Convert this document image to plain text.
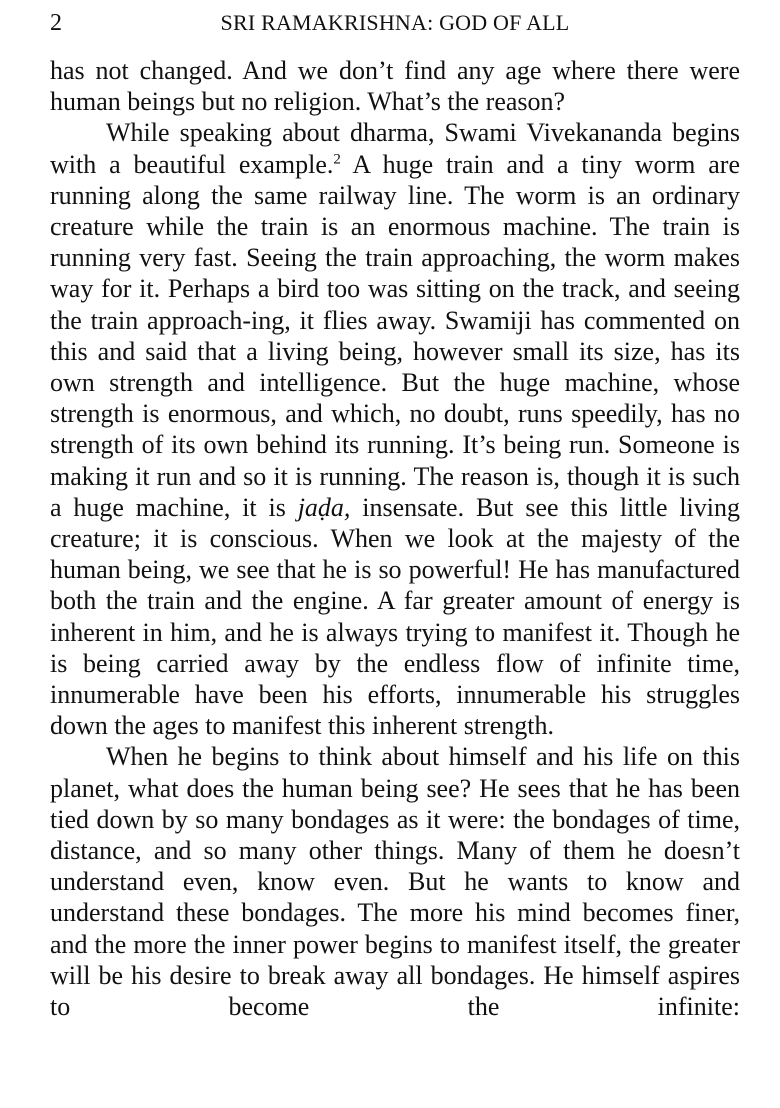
2	SRI RAMAKRISHNA: GOD OF ALL

has not changed. And we don’t find any age where there were human beings but no religion. What’s the reason?

While speaking about dharma, Swami Vivekananda begins with a beautiful example.$^2$ A huge train and a tiny worm are running along the same railway line. The worm is an ordinary creature while the train is an enormous machine. The train is running very fast. Seeing the train approaching, the worm makes way for it. Perhaps a bird too was sitting on the track, and seeing the train approach-ing, it flies away. Swamiji has commented on this and said that a living being, however small its size, has its own strength and intelligence. But the huge machine, whose strength is enormous, and which, no doubt, runs speedily, has no strength of its own behind its running. It’s being run. Someone is making it run and so it is running. The reason is, though it is such a huge machine, it is jaḍa, insensate. But see this little living creature; it is conscious. When we look at the majesty of the human being, we see that he is so powerful! He has manufactured both the train and the engine. A far greater amount of energy is inherent in him, and he is always trying to manifest it. Though he is being carried away by the endless flow of infinite time, innumerable have been his efforts, innumerable his struggles down the ages to manifest this inherent strength.

When he begins to think about himself and his life on this planet, what does the human being see? He sees that he has been tied down by so many bondages as it were: the bondages of time, distance, and so many other things. Many of them he doesn’t understand even, know even. But he wants to know and understand these bondages. The more his mind becomes finer, and the more the inner power begins to manifest itself, the greater will be his desire to break away all bondages. He himself aspires to become the infinite:
